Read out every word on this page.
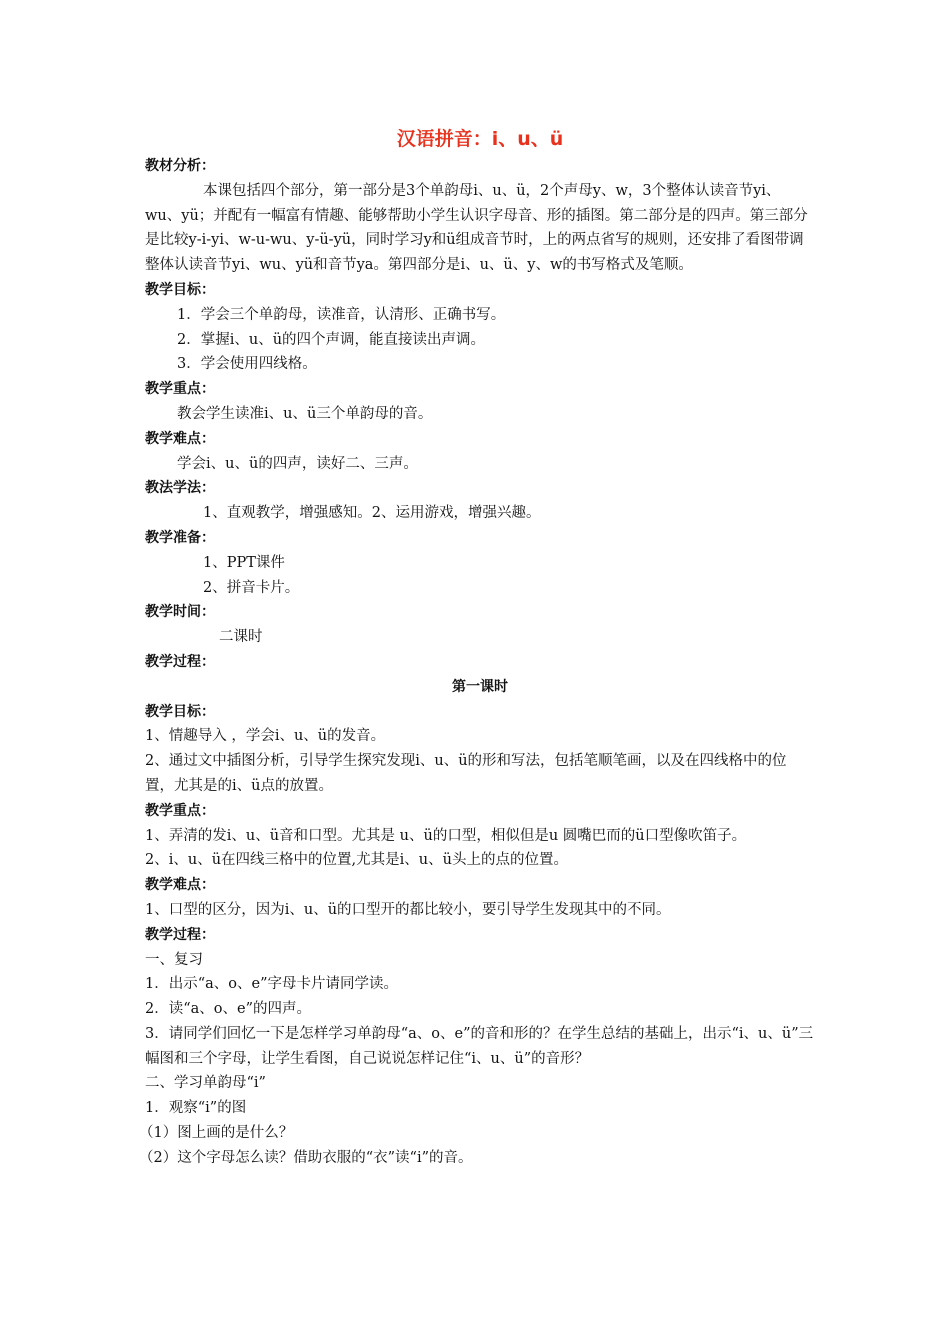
汉语拼音：i、u、ü
教材分析：
本课包括四个部分，第一部分是3个单韵母i、u、ü，2个声母y、w，3个整体认读音节yi、wu、yü；并配有一幅富有情趣、能够帮助小学生认识字母音、形的插图。第二部分是的四声。第三部分是比较y-i-yi、w-u-wu、y-ü-yü，同时学习y和ü组成音节时，上的两点省写的规则，还安排了看图带调整体认读音节yi、wu、yü和音节ya。第四部分是i、u、ü、y、w的书写格式及笔顺。
教学目标：
1．学会三个单韵母，读准音，认清形、正确书写。
2．掌握i、u、ü的四个声调，能直接读出声调。
3．学会使用四线格。
教学重点：
教会学生读准i、u、ü三个单韵母的音。
教学难点：
学会i、u、ü的四声，读好二、三声。
教法学法：
1、直观教学，增强感知。2、运用游戏，增强兴趣。
教学准备：
1、PPT课件
2、拼音卡片。
教学时间：
二课时
教学过程：
第一课时
教学目标：
1、情趣导入 ，学会i、u、ü的发音。
2、通过文中插图分析，引导学生探究发现i、u、ü的形和写法，包括笔顺笔画，以及在四线格中的位置，尤其是的i、ü点的放置。
教学重点：
1、弄清的发i、u、ü音和口型。尤其是 u、ü的口型，相似但是u 圆嘴巴而的ü口型像吹笛子。
2、i、u、ü在四线三格中的位置,尤其是i、u、ü头上的点的位置。
教学难点：
1、口型的区分，因为i、u、ü的口型开的都比较小，要引导学生发现其中的不同。
教学过程：
一、复习
1．出示“a、o、e”字母卡片请同学读。
2．读“a、o、e”的四声。
3．请同学们回忆一下是怎样学习单韵母“a、o、e”的音和形的？在学生总结的基础上，出示“i、u、ü”三幅图和三个字母，让学生看图，自己说说怎样记住“i、u、ü”的音形？
二、学习单韵母“i”
1．观察“i”的图
（1）图上画的是什么？
（2）这个字母怎么读？借助衣服的“衣”读“i”的音。
